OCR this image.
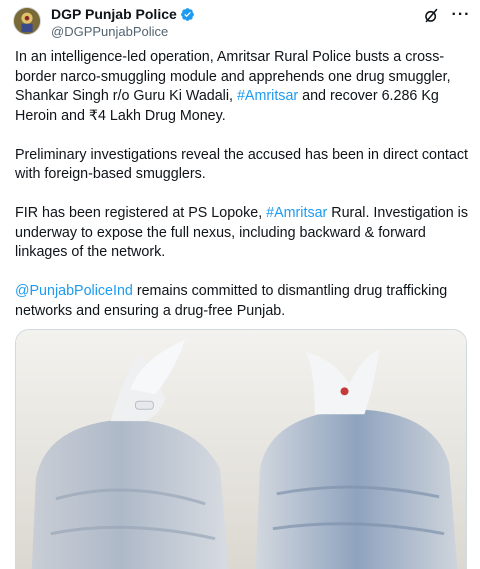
DGP Punjab Police
@DGPPunjabPolice
···

In an intelligence-led operation, Amritsar Rural Police busts a cross-border narco-smuggling module and apprehends one drug smuggler, Shankar Singh r/o Guru Ki Wadali, #Amritsar and recover 6.286 Kg Heroin and ₹4 Lakh Drug Money.

Preliminary investigations reveal the accused has been in direct contact with foreign-based smugglers.

FIR has been registered at PS Lopoke, #Amritsar Rural. Investigation is underway to expose the full nexus, including backward & forward linkages of the network.

@PunjabPoliceInd remains committed to dismantling drug trafficking networks and ensuring a drug-free Punjab.
